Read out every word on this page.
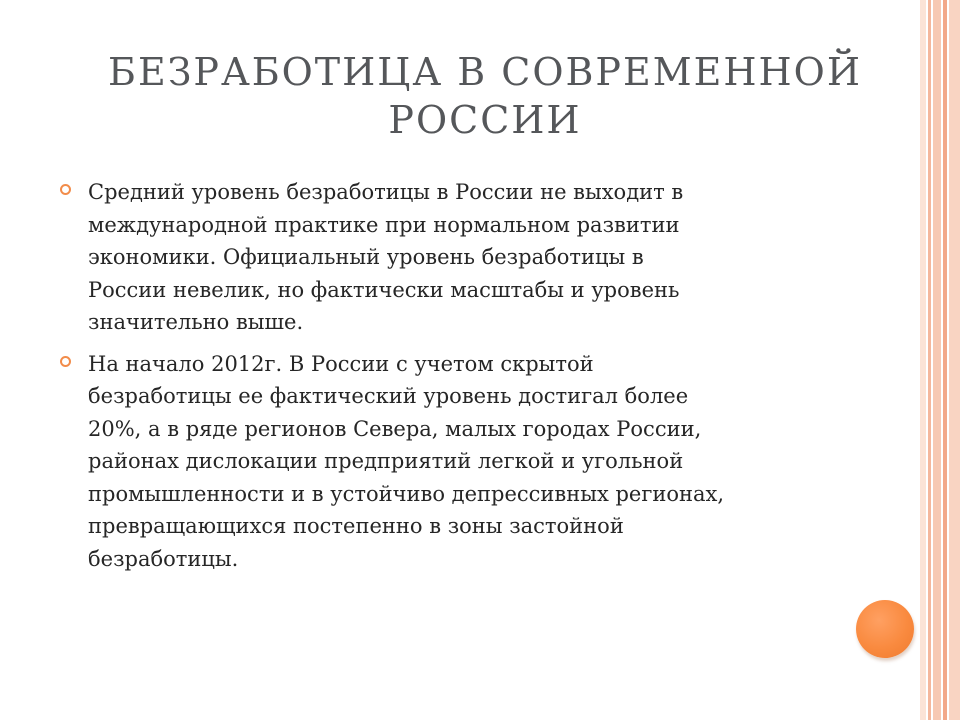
БЕЗРАБОТИЦА В СОВРЕМЕННОЙ
РОССИИ
Средний уровень безработицы в России не выходит в
международной практике при нормальном развитии
экономики. Официальный уровень безработицы в
России невелик, но фактически масштабы и уровень
значительно выше.
На начало 2012г. В России с учетом скрытой
безработицы ее фактический уровень достигал более
20%, а в ряде регионов Севера, малых городах России,
районах дислокации предприятий легкой и угольной
промышленности и в устойчиво депрессивных регионах,
превращающихся постепенно в зоны застойной
безработицы.
